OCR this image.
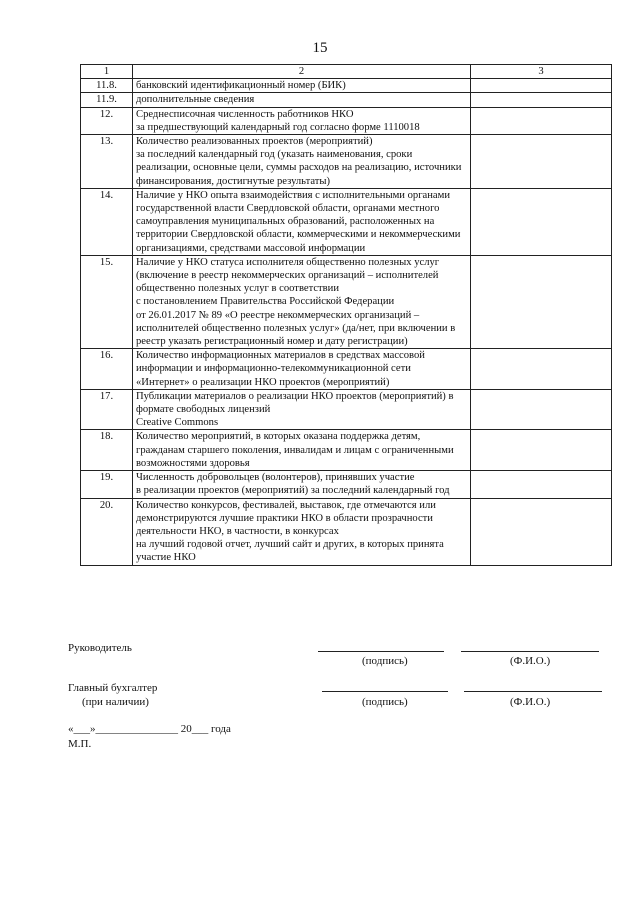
15
1	2	3
11.8.	банковский идентификационный номер (БИК)	

11.9.	дополнительные сведения	

12.	Среднесписочная численность работников НКО
за предшествующий календарный год согласно форме 1110018	

13.	Количество реализованных проектов (мероприятий)
за последний календарный год (указать наименования, сроки реализации, основные цели, суммы расходов на реализацию, источники финансирования, достигнутые результаты)	

14.	Наличие у НКО опыта взаимодействия с исполнительными органами государственной власти Свердловской области, органами местного самоуправления муниципальных образований, расположенных на территории Свердловской области, коммерческими и некоммерческими организациями, средствами массовой информации	

15.	Наличие у НКО статуса исполнителя общественно полезных услуг (включение в реестр некоммерческих организаций – исполнителей общественно полезных услуг в соответствии
с постановлением Правительства Российской Федерации
от 26.01.2017 № 89 «О реестре некоммерческих организаций – исполнителей общественно полезных услуг» (да/нет, при включении в реестр указать регистрационный номер и дату регистрации)	

16.	Количество информационных материалов в средствах массовой информации и информационно-телекоммуникационной сети «Интернет» о реализации НКО проектов (мероприятий)	

17.	Публикации материалов о реализации НКО проектов (мероприятий) в формате свободных лицензий
Creative Commons	

18.	Количество мероприятий, в которых оказана поддержка детям, гражданам старшего поколения, инвалидам и лицам с ограниченными возможностями здоровья	

19.	Численность добровольцев (волонтеров), принявших участие
в реализации проектов (мероприятий) за последний календарный год	

20.	Количество конкурсов, фестивалей, выставок, где отмечаются или демонстрируются лучшие практики НКО в области прозрачности деятельности НКО, в частности, в конкурсах
на лучший годовой отчет, лучший сайт и других, в которых принята участие НКО	

Руководитель
(подпись)	(Ф.И.О.)
Главный бухгалтер
(при наличии)	(подпись)	(Ф.И.О.)
«___»_______________ 20___ года
М.П.
